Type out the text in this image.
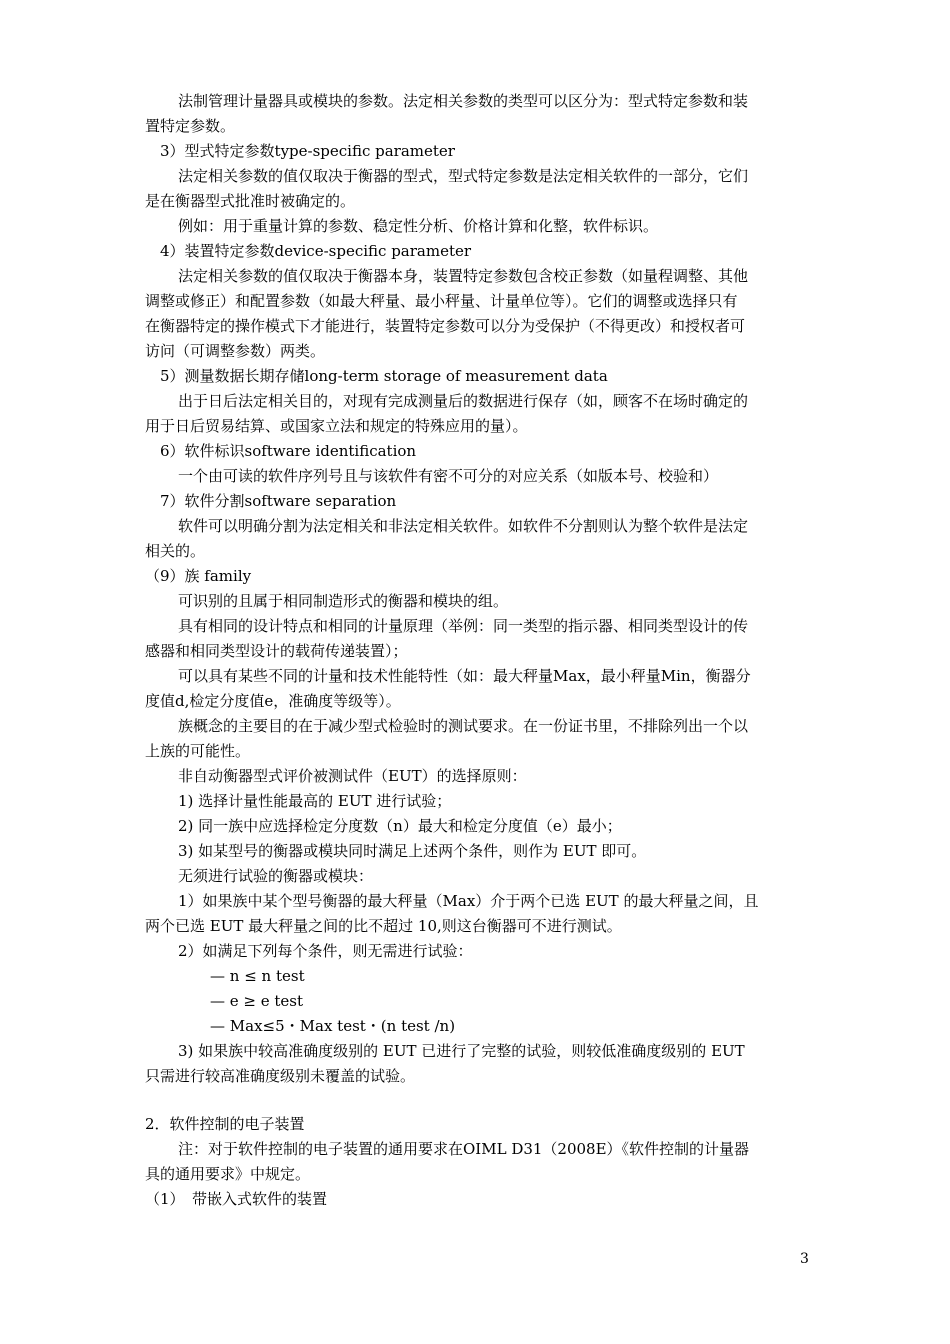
法制管理计量器具或模块的参数。法定相关参数的类型可以区分为：型式特定参数和装
置特定参数。
3）型式特定参数type-specific parameter
法定相关参数的值仅取决于衡器的型式，型式特定参数是法定相关软件的一部分，它们
是在衡器型式批准时被确定的。
例如：用于重量计算的参数、稳定性分析、价格计算和化整，软件标识。
4）装置特定参数device-specific parameter
法定相关参数的值仅取决于衡器本身，装置特定参数包含校正参数（如量程调整、其他
调整或修正）和配置参数（如最大秤量、最小秤量、计量单位等）。它们的调整或选择只有
在衡器特定的操作模式下才能进行，装置特定参数可以分为受保护（不得更改）和授权者可
访问（可调整参数）两类。
5）测量数据长期存储long-term storage of measurement data
出于日后法定相关目的，对现有完成测量后的数据进行保存（如，顾客不在场时确定的
用于日后贸易结算、或国家立法和规定的特殊应用的量）。
6）软件标识software identification
一个由可读的软件序列号且与该软件有密不可分的对应关系（如版本号、校验和）
7）软件分割software separation
软件可以明确分割为法定相关和非法定相关软件。如软件不分割则认为整个软件是法定
相关的。
（9）族 family
可识别的且属于相同制造形式的衡器和模块的组。
具有相同的设计特点和相同的计量原理（举例：同一类型的指示器、相同类型设计的传
感器和相同类型设计的载荷传递装置）；
可以具有某些不同的计量和技术性能特性（如：最大秤量Max，最小秤量Min，衡器分
度值d,检定分度值e，准确度等级等）。
族概念的主要目的在于减少型式检验时的测试要求。在一份证书里，不排除列出一个以
上族的可能性。
非自动衡器型式评价被测试件（EUT）的选择原则：
1) 选择计量性能最高的 EUT 进行试验；
2) 同一族中应选择检定分度数（n）最大和检定分度值（e）最小；
3) 如某型号的衡器或模块同时满足上述两个条件，则作为 EUT 即可。
无须进行试验的衡器或模块：
1）如果族中某个型号衡器的最大秤量（Max）介于两个已选 EUT 的最大秤量之间，且
两个已选 EUT 最大秤量之间的比不超过 10,则这台衡器可不进行测试。
2）如满足下列每个条件，则无需进行试验：
— n ≤ n test
— e ≥ e test
— Max≤5・Max test・(n test /n)
3) 如果族中较高准确度级别的 EUT 已进行了完整的试验，则较低准确度级别的 EUT
只需进行较高准确度级别未覆盖的试验。
2．软件控制的电子装置
注：对于软件控制的电子装置的通用要求在OIML D31（2008E）《软件控制的计量器
具的通用要求》中规定。
（1）　带嵌入式软件的装置
3
